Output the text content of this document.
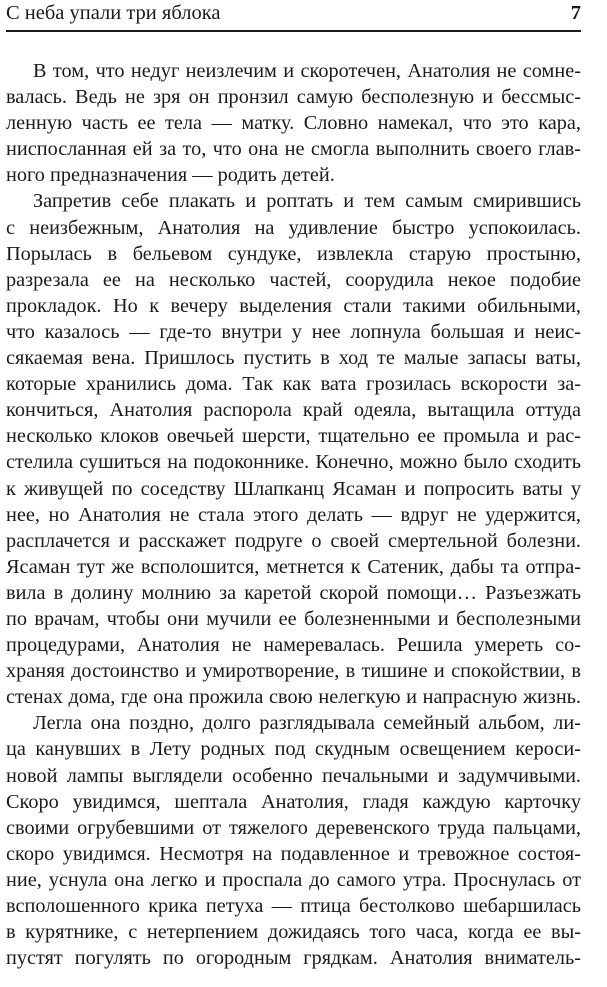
С неба упали три яблока	7
В том, что недуг неизлечим и скоротечен, Анатолия не сомне-
валась. Ведь не зря он пронзил самую бесполезную и бессмыс-
ленную часть ее тела — матку. Словно намекал, что это кара,
ниспосланная ей за то, что она не смогла выполнить своего глав-
ного предназначения — родить детей.
Запретив себе плакать и роптать и тем самым смирившись
с неизбежным, Анатолия на удивление быстро успокоилась.
Порылась в бельевом сундуке, извлекла старую простыню,
разрезала ее на несколько частей, соорудила некое подобие
прокладок. Но к вечеру выделения стали такими обильными,
что казалось — где-то внутри у нее лопнула большая и неис-
сякаемая вена. Пришлось пустить в ход те малые запасы ваты,
которые хранились дома. Так как вата грозилась вскорости за-
кончиться, Анатолия распорола край одеяла, вытащила оттуда
несколько клоков овечьей шерсти, тщательно ее промыла и рас-
стелила сушиться на подоконнике. Конечно, можно было сходить
к живущей по соседству Шлапканц Ясаман и попросить ваты у
нее, но Анатолия не стала этого делать — вдруг не удержится,
расплачется и расскажет подруге о своей смертельной болезни.
Ясаман тут же всполошится, метнется к Сатеник, дабы та отпра-
вила в долину молнию за каретой скорой помощи… Разъезжать
по врачам, чтобы они мучили ее болезненными и бесполезными
процедурами, Анатолия не намеревалась. Решила умереть со-
храняя достоинство и умиротворение, в тишине и спокойствии, в
стенах дома, где она прожила свою нелегкую и напрасную жизнь.
Легла она поздно, долго разглядывала семейный альбом, ли-
ца канувших в Лету родных под скудным освещением кероси-
новой лампы выглядели особенно печальными и задумчивыми.
Скоро увидимся, шептала Анатолия, гладя каждую карточку
своими огрубевшими от тяжелого деревенского труда пальцами,
скоро увидимся. Несмотря на подавленное и тревожное состоя-
ние, уснула она легко и проспала до самого утра. Проснулась от
всполошенного крика петуха — птица бестолково шебаршилась
в курятнике, с нетерпением дожидаясь того часа, когда ее вы-
пустят погулять по огородным грядкам. Анатолия вниматель-
